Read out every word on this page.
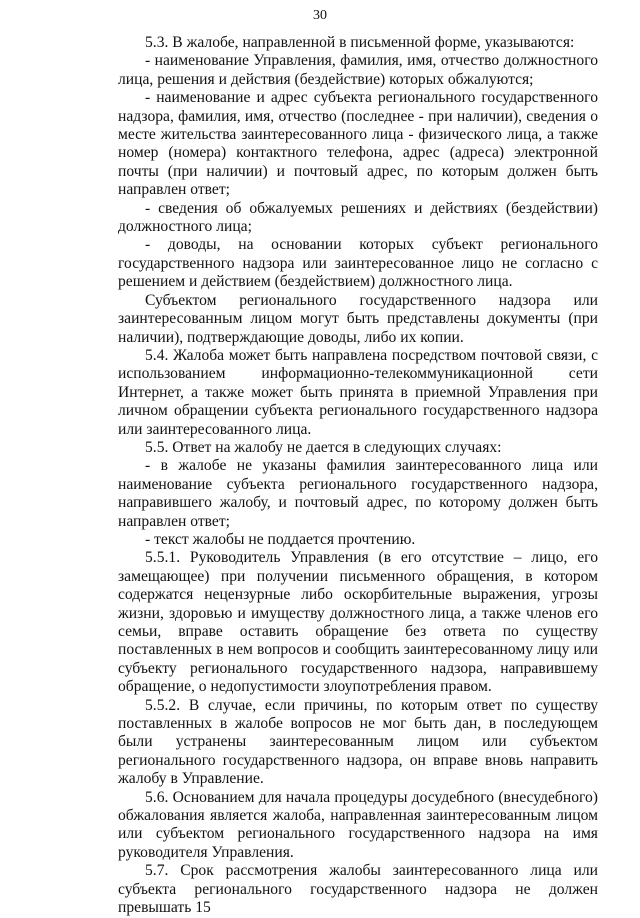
30

5.3. В жалобе, направленной в письменной форме, указываются:

- наименование Управления, фамилия, имя, отчество должностного лица, решения и действия (бездействие) которых обжалуются;

- наименование и адрес субъекта регионального государственного надзора, фамилия, имя, отчество (последнее - при наличии), сведения о месте жительства заинтересованного лица - физического лица, а также номер (номера) контактного телефона, адрес (адреса) электронной почты (при наличии) и почтовый адрес, по которым должен быть направлен ответ;

- сведения об обжалуемых решениях и действиях (бездействии) должностного лица;

- доводы, на основании которых субъект регионального государственного надзора или заинтересованное лицо не согласно с решением и действием (бездействием) должностного лица.

Субъектом регионального государственного надзора или заинтересованным лицом могут быть представлены документы (при наличии), подтверждающие доводы, либо их копии.

5.4. Жалоба может быть направлена посредством почтовой связи, с использованием информационно-телекоммуникационной сети Интернет, а также может быть принята в приемной Управления при личном обращении субъекта регионального государственного надзора или заинтересованного лица.

5.5. Ответ на жалобу не дается в следующих случаях:

- в жалобе не указаны фамилия заинтересованного лица или наименование субъекта регионального государственного надзора, направившего жалобу, и почтовый адрес, по которому должен быть направлен ответ;

- текст жалобы не поддается прочтению.

5.5.1. Руководитель Управления (в его отсутствие – лицо, его замещающее) при получении письменного обращения, в котором содержатся нецензурные либо оскорбительные выражения, угрозы жизни, здоровью и имуществу должностного лица, а также членов его семьи, вправе оставить обращение без ответа по существу поставленных в нем вопросов и сообщить заинтересованному лицу или субъекту регионального государственного надзора, направившему обращение, о недопустимости злоупотребления правом.

5.5.2. В случае, если причины, по которым ответ по существу поставленных в жалобе вопросов не мог быть дан, в последующем были устранены заинтересованным лицом или субъектом регионального государственного надзора, он вправе вновь направить жалобу в Управление.

5.6. Основанием для начала процедуры досудебного (внесудебного) обжалования является жалоба, направленная заинтересованным лицом или субъектом регионального государственного надзора на имя руководителя Управления.

5.7. Срок рассмотрения жалобы заинтересованного лица или субъекта регионального государственного надзора не должен превышать 15
